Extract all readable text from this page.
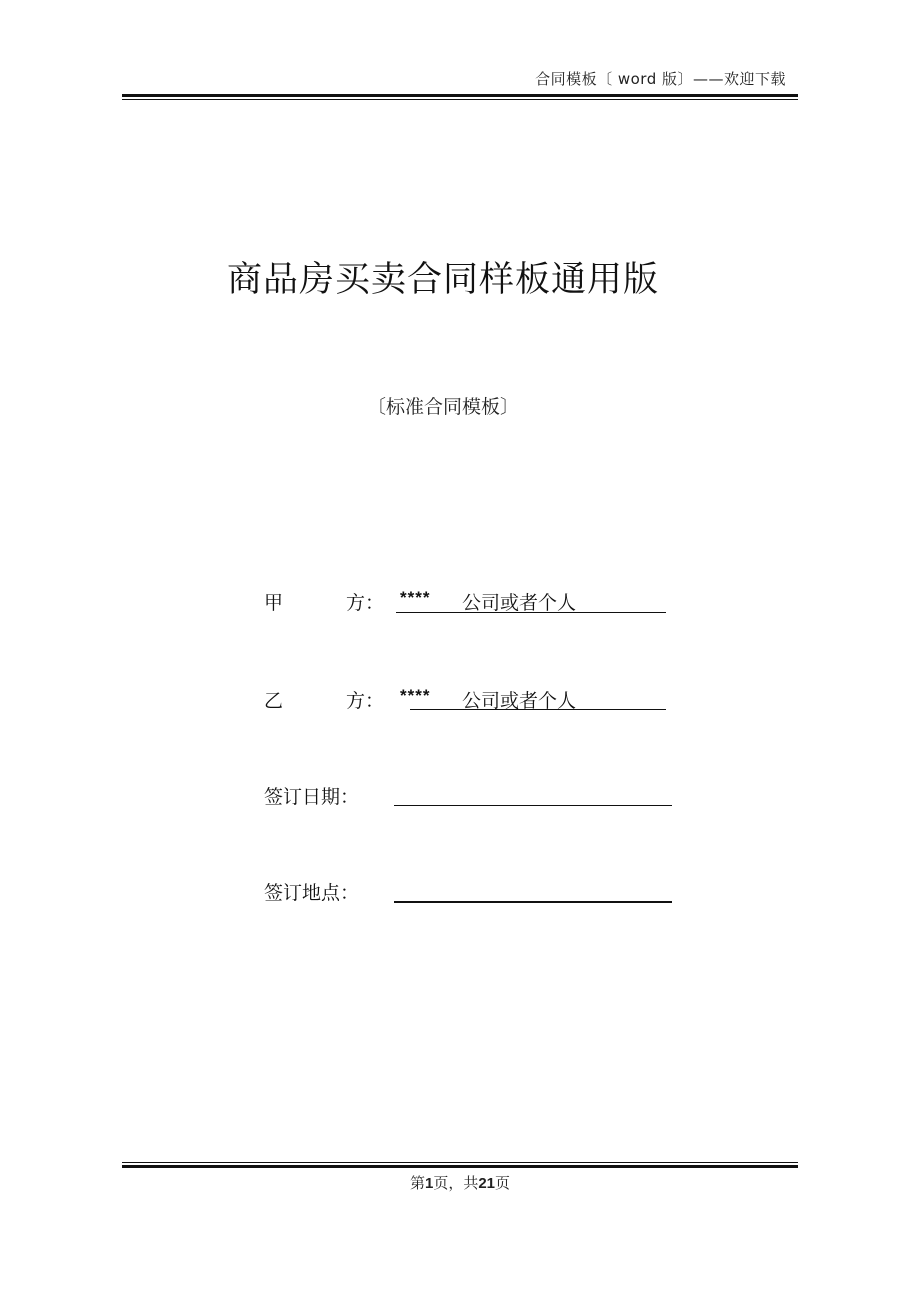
合同模板〔 word 版〕——欢迎下载
商品房买卖合同样板通用版
〔标准合同模板〕
甲	方： **** 公司或者个人
乙	方： **** 公司或者个人
签订日期：
签订地点：
第1页，共21页
